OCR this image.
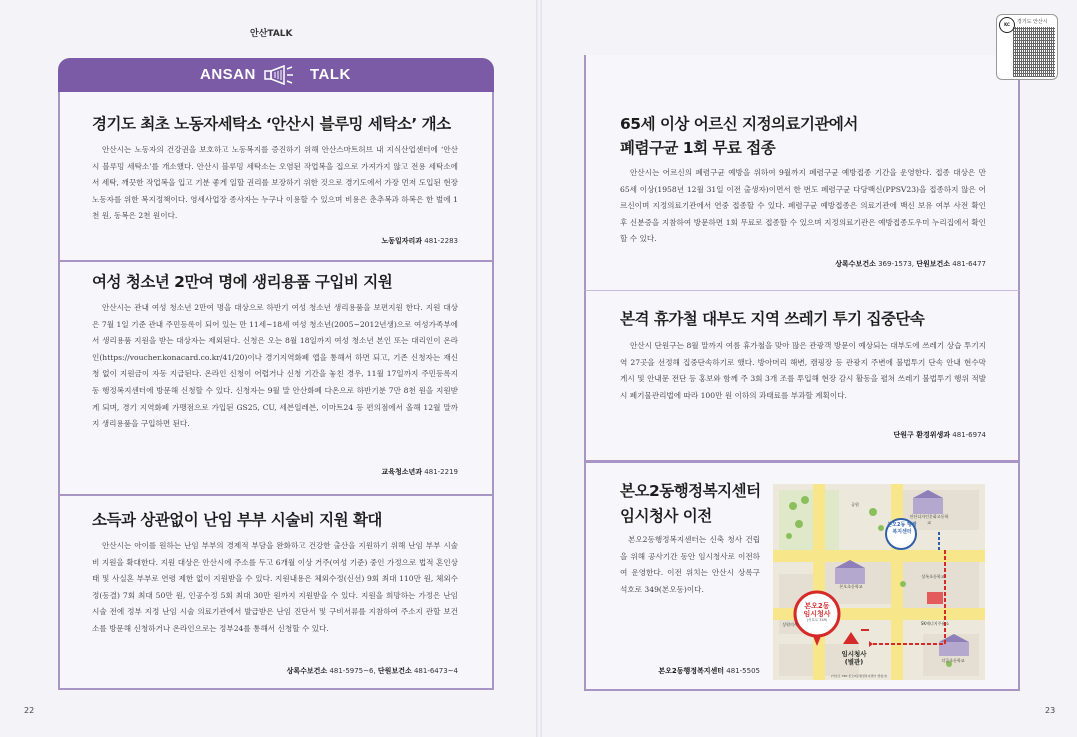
안산TALK
ANSAN	TALK
경기도 최초 노동자세탁소 ‘안산시 블루밍 세탁소’ 개소
안산시는 노동자의 건강권을 보호하고 노동복지를 증진하기 위해 안산스마트허브 내 지식산업센터에 ‘안산시 블루밍 세탁소’를 개소했다. 안산시 블루밍 세탁소는 오염된 작업복을 집으로 가져가지 않고 전용 세탁소에서 세탁, 깨끗한 작업복을 입고 기분 좋게 일할 권리를 보장하기 위한 것으로 경기도에서 가장 먼저 도입된 현장 노동자를 위한 복지정책이다. 영세사업장 종사자는 누구나 이용할 수 있으며 비용은 춘추복과 하복은 한 벌에 1천 원, 동복은 2천 원이다.
노동일자리과 481-2283
여성 청소년 2만여 명에 생리용품 구입비 지원
안산시는 관내 여성 청소년 2만여 명을 대상으로 하반기 여성 청소년 생리용품을 보편지원 한다. 지원 대상은 7월 1일 기준 관내 주민등록이 되어 있는 만 11세~18세 여성 청소년(2005~2012년생)으로 여성가족부에서 생리용품 지원을 받는 대상자는 제외된다. 신청은 오는 8월 18일까지 여성 청소년 본인 또는 대리인이 온라인(https://voucher.konacard.co.kr/41/20)이나 경기지역화폐 앱을 통해서 하면 되고, 기존 신청자는 재신청 없이 지원금이 자동 지급된다. 온라인 신청이 어렵거나 신청 기간을 놓친 경우, 11월 17일까지 주민등록지 동 행정복지센터에 방문해 신청할 수 있다. 신청자는 9월 말 안산화폐 다온으로 하반기분 7만 8천 원을 지원받게 되며, 경기 지역화폐 가맹점으로 가입된 GS25, CU, 세븐일레븐, 이마트24 등 편의점에서 올해 12월 말까지 생리용품을 구입하면 된다.
교육청소년과 481-2219
소득과 상관없이 난임 부부 시술비 지원 확대
안산시는 아이를 원하는 난임 부부의 경제적 부담을 완화하고 건강한 출산을 지원하기 위해 난임 부부 시술비 지원을 확대한다. 지원 대상은 안산시에 주소를 두고 6개월 이상 거주(여성 기준) 중인 가정으로 법적 혼인상태 및 사실혼 부부로 연령 제한 없이 지원받을 수 있다. 지원내용은 체외수정(신선) 9회 최대 110만 원, 체외수정(동결) 7회 최대 50만 원, 인공수정 5회 최대 30만 원까지 지원받을 수 있다. 지원을 희망하는 가정은 난임 시술 전에 정부 지정 난임 시술 의료기관에서 발급받은 난임 진단서 및 구비서류를 지참하여 주소지 관할 보건소를 방문해 신청하거나 온라인으로는 정부24를 통해서 신청할 수 있다.
상록수보건소 481-5975~6, 단원보건소 481-6473~4
65세 이상 어르신 지정의료기관에서
폐렴구균 1회 무료 접종
안산시는 어르신의 폐렴구균 예방을 위하여 9월까지 폐렴구균 예방접종 기간을 운영한다. 접종 대상은 만 65세 이상(1958년 12월 31일 이전 출생자)이면서 한 번도 폐렴구균 다당백신(PPSV23)을 접종하지 않은 어르신이며 지정의료기관에서 연중 접종할 수 있다. 폐렴구균 예방접종은 의료기관에 백신 보유 여부 사전 확인 후 신분증을 지참하여 방문하면 1회 무료로 접종할 수 있으며 지정의료기관은 예방접종도우미 누리집에서 확인할 수 있다.
상록수보건소 369-1573, 단원보건소 481-6477
본격 휴가철 대부도 지역 쓰레기 투기 집중단속
안산시 단원구는 8월 말까지 여름 휴가철을 맞아 많은 관광객 방문이 예상되는 대부도에 쓰레기 상습 투기지역 27곳을 선정해 집중단속하기로 했다. 방아머리 해변, 캠핑장 등 관광지 주변에 불법투기 단속 안내 현수막 게시 및 안내문 전단 등 홍보와 함께 주 3회 3개 조를 투입해 현장 감시 활동을 펼쳐 쓰레기 불법투기 행위 적발 시 폐기물관리법에 따라 100만 원 이하의 과태료를 부과할 계획이다.
단원구 환경위생과 481-6974
본오2동행정복지센터
임시청사 이전
본오2동행정복지센터는 신축 청사 건립을 위해 공사기간 동안 임시청사로 이전하여 운영한다. 이전 위치는 안산시 상록구 석호로 349(본오동)이다.
본오2동행정복지센터 481-5505
본오2동 행정 복지센터
본오2동
임시청사
(석호로 349)
임시청사
(별관)
(석호로 360 본오2동행정복지센터 옛청사)
안산디자인문화고등학교
본오초등학교
상원의사	SK에너지주유소
각골초등학교
공원
상록초등학교
KC	경기도 안산시
22	23
